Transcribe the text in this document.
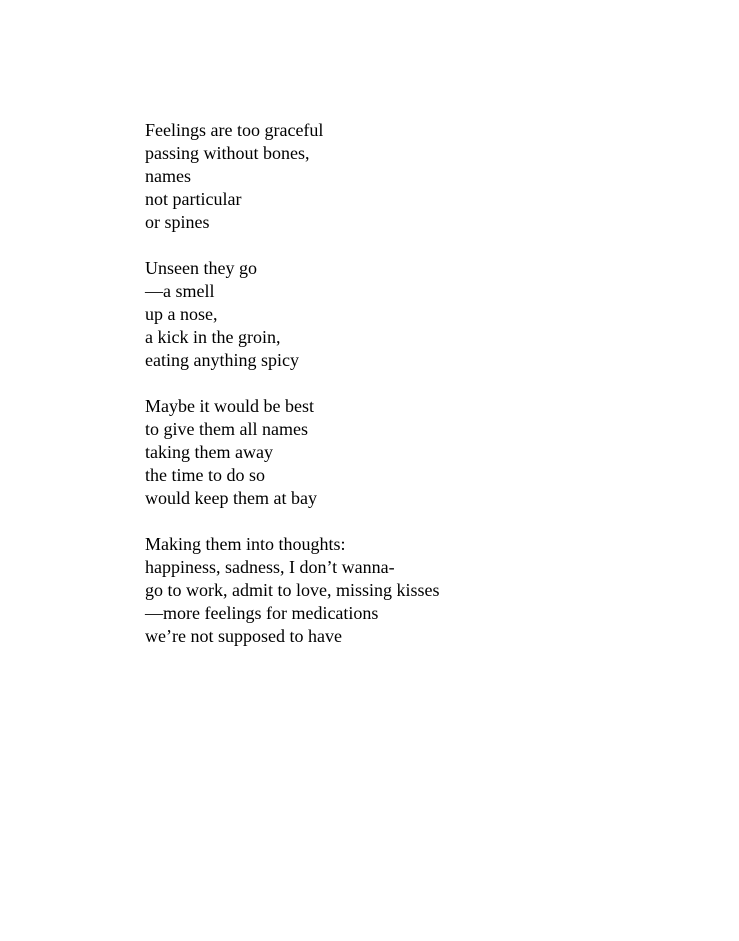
Feelings are too graceful
passing without bones,
names
not particular
or spines
Unseen they go
—a smell
up a nose,
a kick in the groin,
eating anything spicy
Maybe it would be best
to give them all names
taking them away
the time to do so
would keep them at bay
Making them into thoughts:
happiness, sadness, I don’t wanna-
go to work, admit to love, missing kisses
—more feelings for medications
we’re not supposed to have
